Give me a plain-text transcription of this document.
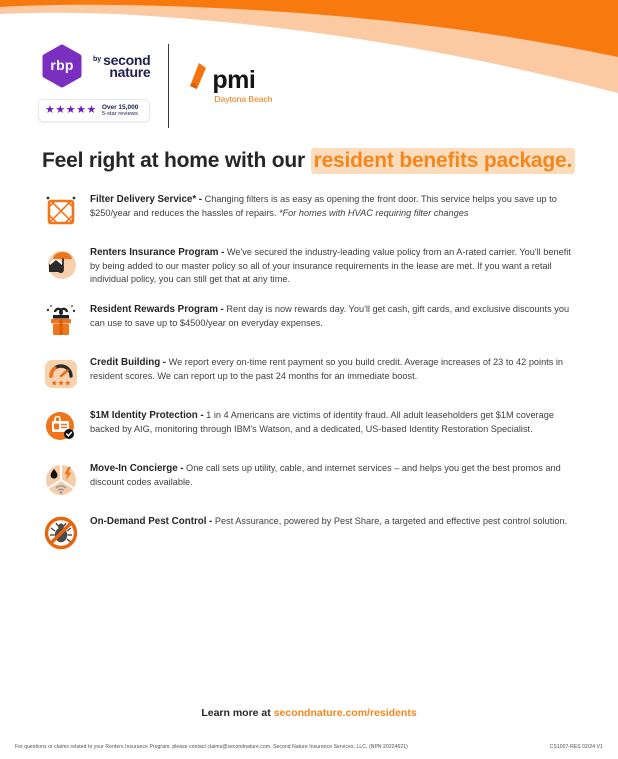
rbp	by second
nature
★★★★★ Over 15,000
5-star reviews
pmi
Daytona Beach
Feel right at home with our resident benefits package.

Filter Delivery Service* - Changing filters is as easy as opening the front door. This service helps you save up to $250/year and reduces the hassles of repairs. *For homes with HVAC requiring filter changes

Renters Insurance Program - We've secured the industry-leading value policy from an A-rated carrier. You'll benefit by being added to our master policy so all of your insurance requirements in the lease are met. If you want a retail individual policy, you can still get that at any time.

Resident Rewards Program - Rent day is now rewards day. You'll get cash, gift cards, and exclusive discounts you can use to save up to $4500/year on everyday expenses.

★★★

Credit Building - We report every on-time rent payment so you build credit. Average increases of 23 to 42 points in resident scores. We can report up to the past 24 months for an immediate boost.

$1M Identity Protection - 1 in 4 Americans are victims of identity fraud. All adult leaseholders get $1M coverage backed by AIG, monitoring through IBM's Watson, and a dedicated, US-based Identity Restoration Specialist.

Move-In Concierge - One call sets up utility, cable, and internet services – and helps you get the best promos and discount codes available.

On-Demand Pest Control - Pest Assurance, powered by Pest Share, a targeted and effective pest control solution.

Learn more at secondnature.com/residents
For questions or claims related to your Renters Insurance Program, please contact claims@secondnature.com. Second Nature Insurance Services, LLC. (NPN 20224621)	CS1007-RES 02/24 V1
